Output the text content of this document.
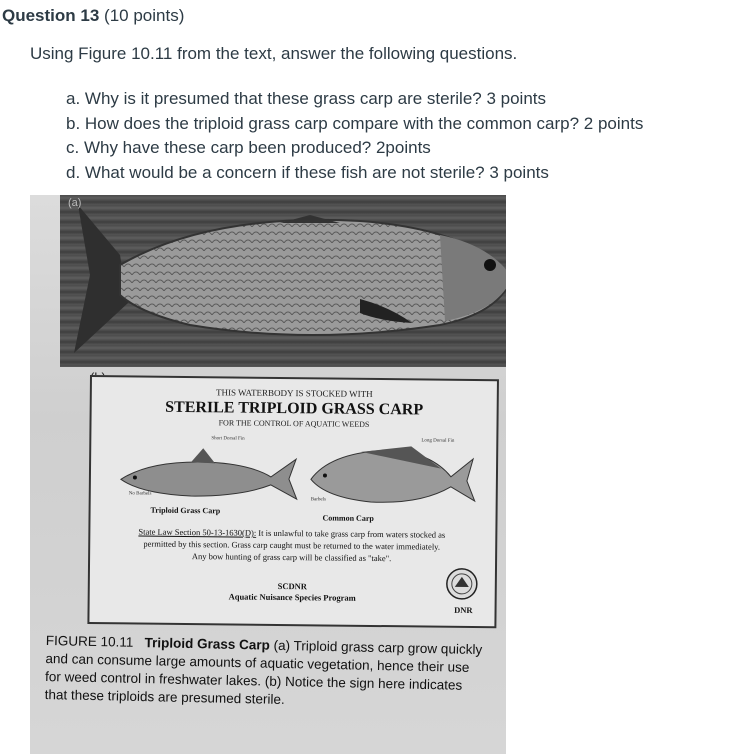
Question 13 (10 points)
Using Figure 10.11 from the text, answer the following questions.
a. Why is it presumed that these grass carp are sterile? 3 points
b. How does the triploid grass carp compare with the common carp? 2 points
c. Why have these carp been produced? 2points
d. What would be a concern if these fish are not sterile? 3 points
(a)
THIS WATERBODY IS STOCKED WITH
STERILE TRIPLOID GRASS CARP
FOR THE CONTROL OF AQUATIC WEEDS
Short Dorsal Fin	Long Dorsal Fin
No Barbels
Barbels
Triploid Grass Carp
Common Carp
State Law Section 50-13-1630(D): It is unlawful to take grass carp from waters stocked as
permitted by this section. Grass carp caught must be returned to the water immediately.
Any bow hunting of grass carp will be classified as "take".
SCDNR
Aquatic Nuisance Species Program
DNR
FIGURE 10.11 Triploid Grass Carp (a) Triploid grass carp grow quickly and can consume large amounts of aquatic vegetation, hence their use for weed control in freshwater lakes. (b) Notice the sign here indicates that these triploids are presumed sterile.
